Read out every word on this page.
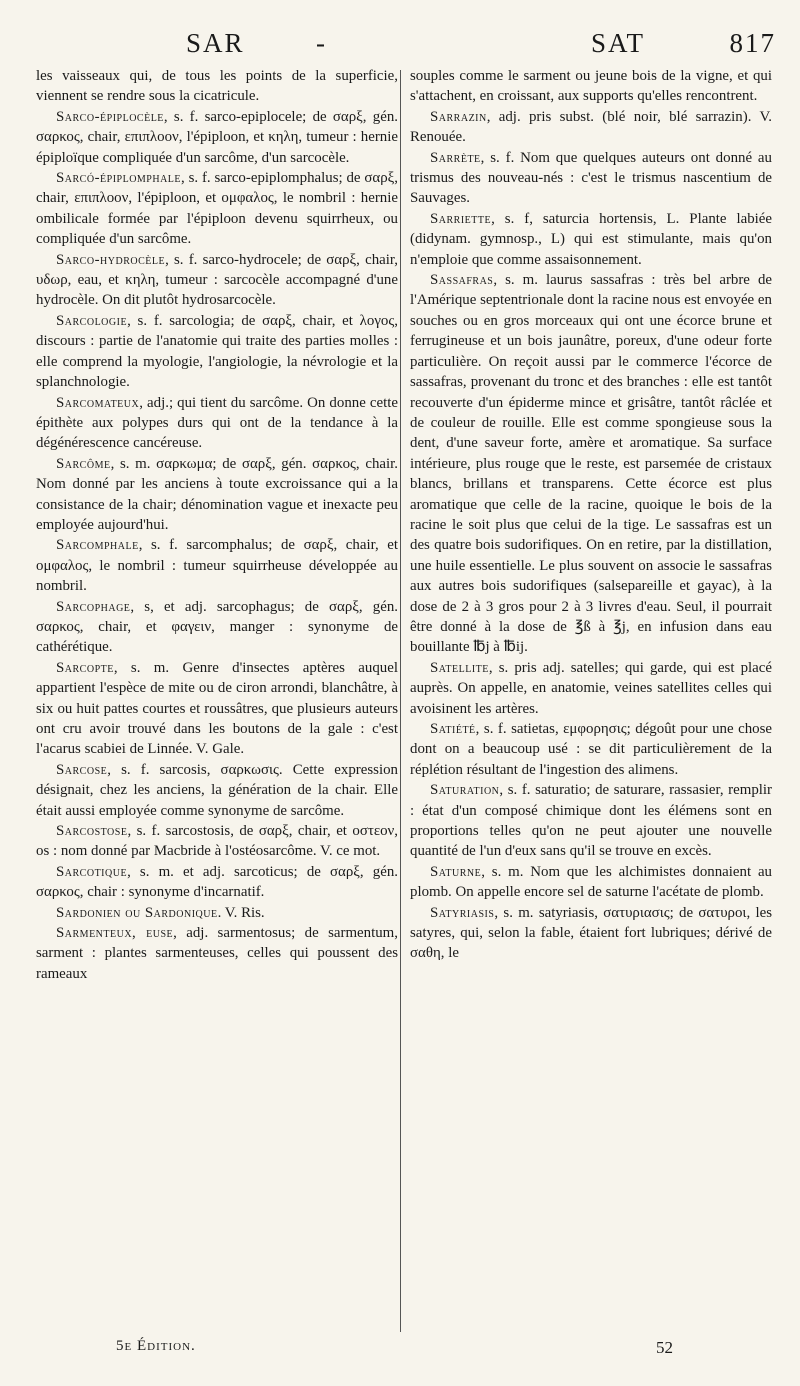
SAR	-	SAT	817

les vaisseaux qui, de tous les points de la superficie, viennent se rendre sous la cicatricule.

Sarco-épiplocèle, s. f. sarco-epiplocele; de σαρξ, gén. σαρκος, chair, επιπλοον, l'épiploon, et κηλη, tumeur : hernie épiploïque compliquée d'un sarcôme, d'un sarcocèle.

Sarcó-épiplomphale, s. f. sarco-epiplomphalus; de σαρξ, chair, επιπλοον, l'épiploon, et ομφαλος, le nombril : hernie ombilicale formée par l'épiploon devenu squirrheux, ou compliquée d'un sarcôme.

Sarco-hydrocèle, s. f. sarco-hydrocele; de σαρξ, chair, υδωρ, eau, et κηλη, tumeur : sarcocèle accompagné d'une hydrocèle. On dit plutôt hydrosarcocèle.

Sarcologie, s. f. sarcologia; de σαρξ, chair, et λογος, discours : partie de l'anatomie qui traite des parties molles : elle comprend la myologie, l'angiologie, la névrologie et la splanchnologie.

Sarcomateux, adj.; qui tient du sarcôme. On donne cette épithète aux polypes durs qui ont de la tendance à la dégénérescence cancéreuse.

Sarcôme, s. m. σαρκωμα; de σαρξ, gén. σαρκος, chair. Nom donné par les anciens à toute excroissance qui a la consistance de la chair; dénomination vague et inexacte peu employée aujourd'hui.

Sarcomphale, s. f. sarcomphalus; de σαρξ, chair, et ομφαλος, le nombril : tumeur squirrheuse développée au nombril.

Sarcophage, s, et adj. sarcophagus; de σαρξ, gén. σαρκος, chair, et φαγειν, manger : synonyme de cathérétique.

Sarcopte, s. m. Genre d'insectes aptères auquel appartient l'espèce de mite ou de ciron arrondi, blanchâtre, à six ou huit pattes courtes et roussâtres, que plusieurs auteurs ont cru avoir trouvé dans les boutons de la gale : c'est l'acarus scabiei de Linnée. V. Gale.

Sarcose, s. f. sarcosis, σαρκωσις. Cette expression désignait, chez les anciens, la génération de la chair. Elle était aussi employée comme synonyme de sarcôme.

Sarcostose, s. f. sarcostosis, de σαρξ, chair, et οστεον, os : nom donné par Macbride à l'ostéosarcôme. V. ce mot.

Sarcotique, s. m. et adj. sarcoticus; de σαρξ, gén. σαρκος, chair : synonyme d'incarnatif.

Sardonien ou Sardonique. V. Ris.

Sarmenteux, euse, adj. sarmentosus; de sarmentum, sarment : plantes sarmenteuses, celles qui poussent des rameaux

souples comme le sarment ou jeune bois de la vigne, et qui s'attachent, en croissant, aux supports qu'elles rencontrent.

Sarrazin, adj. pris subst. (blé noir, blé sarrazin). V. Renouée.

Sarrète, s. f. Nom que quelques auteurs ont donné au trismus des nouveau-nés : c'est le trismus nascentium de Sauvages.

Sarriette, s. f, saturcia hortensis, L. Plante labiée (didynam. gymnosp., L) qui est stimulante, mais qu'on n'emploie que comme assaisonnement.

Sassafras, s. m. laurus sassafras : très bel arbre de l'Amérique septentrionale dont la racine nous est envoyée en souches ou en gros morceaux qui ont une écorce brune et ferrugineuse et un bois jaunâtre, poreux, d'une odeur forte particulière. On reçoit aussi par le commerce l'écorce de sassafras, provenant du tronc et des branches : elle est tantôt recouverte d'un épiderme mince et grisâtre, tantôt râclée et de couleur de rouille. Elle est comme spongieuse sous la dent, d'une saveur forte, amère et aromatique. Sa surface intérieure, plus rouge que le reste, est parsemée de cristaux blancs, brillans et transparens. Cette écorce est plus aromatique que celle de la racine, quoique le bois de la racine le soit plus que celui de la tige. Le sassafras est un des quatre bois sudorifiques. On en retire, par la distillation, une huile essentielle. Le plus souvent on associe le sassafras aux autres bois sudorifiques (salsepareille et gayac), à la dose de 2 à 3 gros pour 2 à 3 livres d'eau. Seul, il pourrait être donné à la dose de ℥ß à ℥j, en infusion dans eau bouillante ℔j à ℔ij.

Satellite, s. pris adj. satelles; qui garde, qui est placé auprès. On appelle, en anatomie, veines satellites celles qui avoisinent les artères.

Satiété, s. f. satietas, εμφορησις; dégoût pour une chose dont on a beaucoup usé : se dit particulièrement de la réplétion résultant de l'ingestion des alimens.

Saturation, s. f. saturatio; de saturare, rassasier, remplir : état d'un composé chimique dont les élémens sont en proportions telles qu'on ne peut ajouter une nouvelle quantité de l'un d'eux sans qu'il se trouve en excès.

Saturne, s. m. Nom que les alchimistes donnaient au plomb. On appelle encore sel de saturne l'acétate de plomb.

Satyriasis, s. m. satyriasis, σατυριασις; de σατυροι, les satyres, qui, selon la fable, étaient fort lubriques; dérivé de σαθη, le

5e Édition.	52
